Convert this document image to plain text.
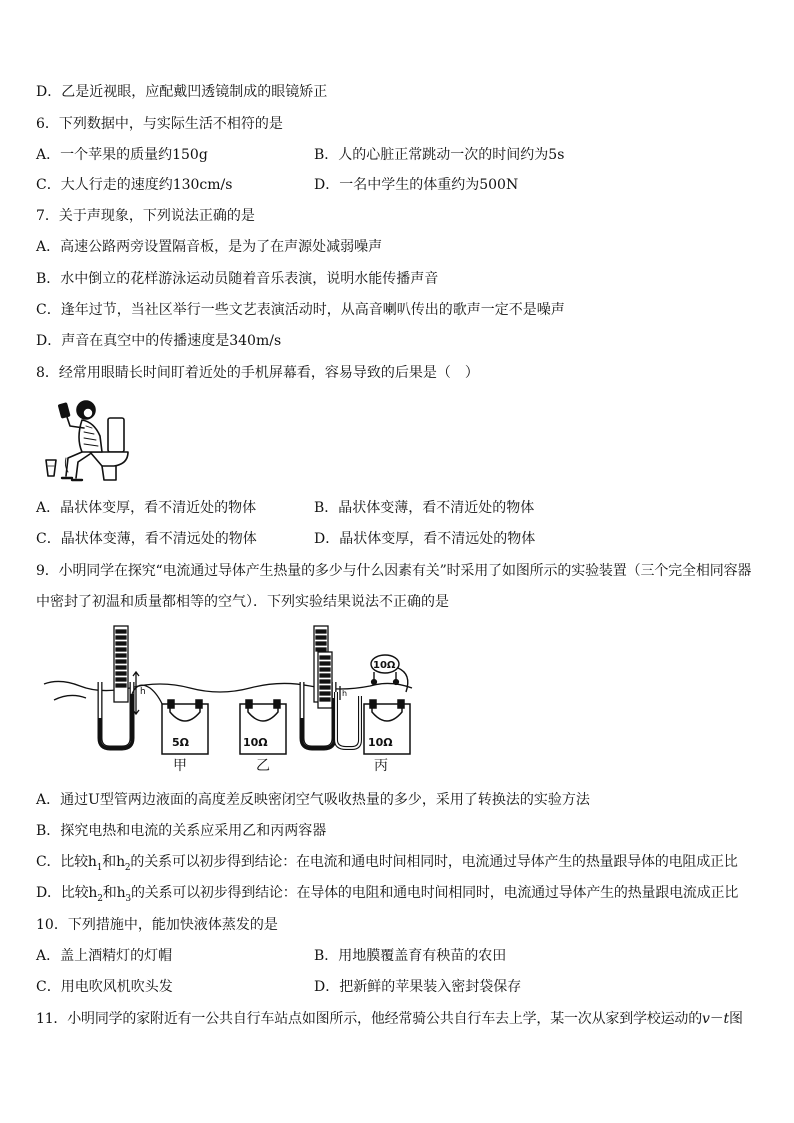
D．乙是近视眼，应配戴凹透镜制成的眼镜矫正
6．下列数据中，与实际生活不相符的是
A．一个苹果的质量约150g	B．人的心脏正常跳动一次的时间约为5s
C．大人行走的速度约130cm/s	D．一名中学生的体重约为500N
7．关于声现象，下列说法正确的是
A．高速公路两旁设置隔音板，是为了在声源处减弱噪声
B．水中倒立的花样游泳运动员随着音乐表演，说明水能传播声音
C．逢年过节，当社区举行一些文艺表演活动时，从高音喇叭传出的歌声一定不是噪声
D．声音在真空中的传播速度是340m/s
8．经常用眼睛长时间盯着近处的手机屏幕看，容易导致的后果是（　）
A．晶状体变厚，看不清近处的物体	B．晶状体变薄，看不清近处的物体
C．晶状体变薄，看不清远处的物体	D．晶状体变厚，看不清远处的物体
9．小明同学在探究“电流通过导体产生热量的多少与什么因素有关”时采用了如图所示的实验装置（三个完全相同容器
中密封了初温和质量都相等的空气）．下列实验结果说法不正确的是
h
5Ω	10Ω
h
10Ω
10Ω
甲	乙	丙
A．通过U型管两边液面的高度差反映密闭空气吸收热量的多少，采用了转换法的实验方法
B．探究电热和电流的关系应采用乙和丙两容器
C．比较$h_1$和$h_2$的关系可以初步得到结论：在电流和通电时间相同时，电流通过导体产生的热量跟导体的电阻成正比
D．比较$h_2$和$h_3$的关系可以初步得到结论：在导体的电阻和通电时间相同时，电流通过导体产生的热量跟电流成正比
10．下列措施中，能加快液体蒸发的是
A．盖上酒精灯的灯帽	B．用地膜覆盖育有秧苗的农田
C．用电吹风机吹头发	D．把新鲜的苹果装入密封袋保存
11．小明同学的家附近有一公共自行车站点如图所示，他经常骑公共自行车去上学，某一次从家到学校运动的v－t图
